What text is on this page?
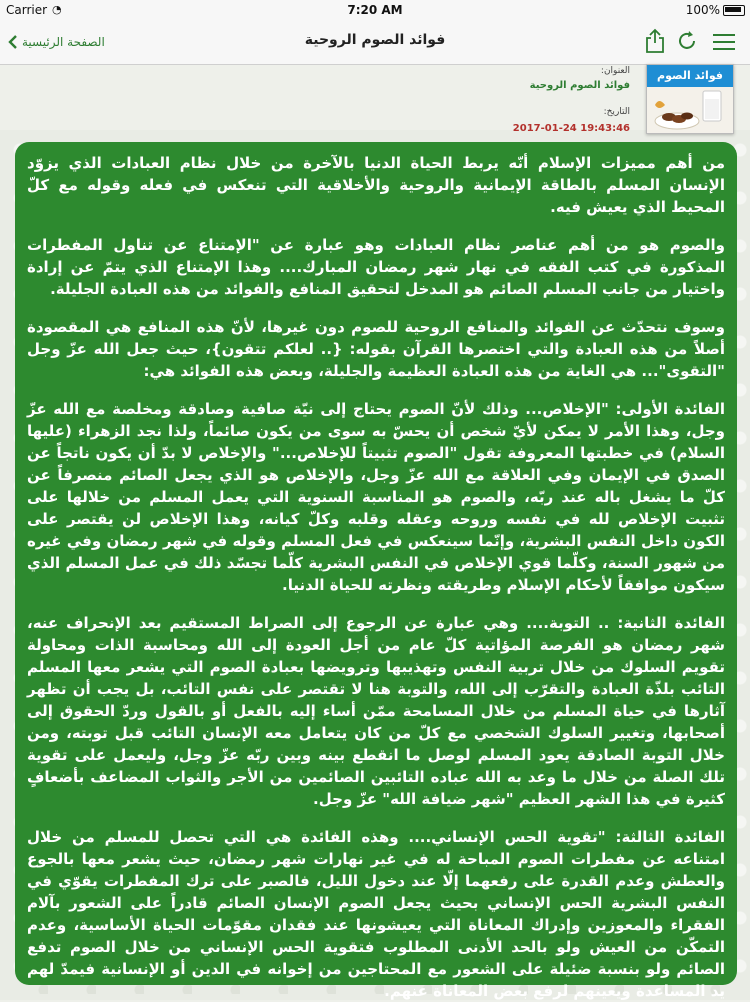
Carrier ◔	7:20 AM	100%
الصفحة الرئيسية	فوائد الصوم الروحية
فوائد الصوم
العنوان:
فوائد الصوم الروحية
التاريخ:
2017-01-24 19:43:46

من أهم مميزات الإسلام أنّه يربط الحياة الدنيا بالآخرة من خلال نظام العبادات الذي يزوّد الإنسان المسلم بالطاقة الإيمانية والروحية والأخلاقية التي تنعكس في فعله وقوله مع كلّ المحيط الذي يعيش فيه.

والصوم هو من أهم عناصر نظام العبادات وهو عبارة عن "الإمتناع عن تناول المفطرات المذكورة في كتب الفقه في نهار شهر رمضان المبارك.... وهذا الإمتناع الذي يتمّ عن إرادة واختيار من جانب المسلم الصائم هو المدخل لتحقيق المنافع والفوائد من هذه العبادة الجليلة.

وسوف نتحدّث عن الفوائد والمنافع الروحية للصوم دون غيرها، لأنّ هذه المنافع هي المقصودة أصلاً من هذه العبادة والتي اختصرها القرآن بقوله: {.. لعلكم تتقون}، حيث جعل الله عزّ وجل "التقوى"... هي الغاية من هذه العبادة العظيمة والجليلة، وبعض هذه الفوائد هي:

الفائدة الأولى: "الإخلاص... وذلك لأنّ الصوم يحتاج إلى نيّة صافية وصادقة ومخلصة مع الله عزّ وجل، وهذا الأمر لا يمكن لأيّ شخص أن يحسّ به سوى من يكون صائماً، ولذا نجد الزهراء (عليها السلام) في خطبتها المعروفة تقول "الصوم تثبيتاً للإخلاص..." والإخلاص لا بدّ أن يكون ناتجاً عن الصدق في الإيمان وفي العلاقة مع الله عزّ وجل، والإخلاص هو الذي يجعل الصائم منصرفاً عن كلّ ما يشغل باله عند ربّه، والصوم هو المناسبة السنوية التي يعمل المسلم من خلالها على تثبيت الإخلاص لله في نفسه وروحه وعقله وقلبه وكلّ كيانه، وهذا الإخلاص لن يقتصر على الكون داخل النفس البشرية، وإنّما سينعكس في فعل المسلم وقوله في شهر رمضان وفي غيره من شهور السنة، وكلّما قوي الإخلاص في النفس البشرية كلّما تجسّد ذلك في عمل المسلم الذي سيكون موافقاً لأحكام الإسلام وطريقته ونظرته للحياة الدنيا.

الفائدة الثانية: .. التوبة.... وهي عبارة عن الرجوع إلى الصراط المستقيم بعد الإنحراف عنه، شهر رمضان هو الفرصة المؤاتية كلّ عام من أجل العودة إلى الله ومحاسبة الذات ومحاولة تقويم السلوك من خلال تربية النفس وتهذيبها وترويضها بعبادة الصوم التي يشعر معها المسلم التائب بلذّة العبادة والتقرّب إلى الله، والتوبة هنا لا تقتصر على نفس التائب، بل يجب أن تظهر آثارها في حياة المسلم من خلال المسامحة ممّن أساء إليه بالفعل أو بالقول وردّ الحقوق إلى أصحابها، وتغيير السلوك الشخصي مع كلّ من كان يتعامل معه الإنسان التائب قبل توبته، ومن خلال التوبة الصادقة يعود المسلم لوصل ما انقطع بينه وبين ربّه عزّ وجل، وليعمل على تقوية تلك الصلة من خلال ما وعد به الله عباده التائبين الصائمين من الأجر والثواب المضاعف بأضعافٍ كثيرة في هذا الشهر العظيم "شهر ضيافة الله" عزّ وجل.

الفائدة الثالثة: "تقوية الحس الإنساني.... وهذه الفائدة هي التي تحصل للمسلم من خلال امتناعه عن مفطرات الصوم المباحة له في غير نهارات شهر رمضان، حيث يشعر معها بالجوع والعطش وعدم القدرة على رفعهما إلّا عند دخول الليل، فالصبر على ترك المفطرات يقوّي في النفس البشرية الحس الإنساني بحيث يجعل الصوم الإنسان الصائم قادراً على الشعور بآلام الفقراء والمعوزين وإدراك المعاناة التي يعيشونها عند فقدان مقوّمات الحياة الأساسية، وعدم التمكّن من العيش ولو بالحد الأدنى المطلوب فتقوية الحس الإنساني من خلال الصوم تدفع الصائم ولو بنسبة ضئيلة على الشعور مع المحتاجين من إخوانه في الدين أو الإنسانية فيمدّ لهم يد المساعدة ويعينهم لرفع بعض المعاناة عنهم.
